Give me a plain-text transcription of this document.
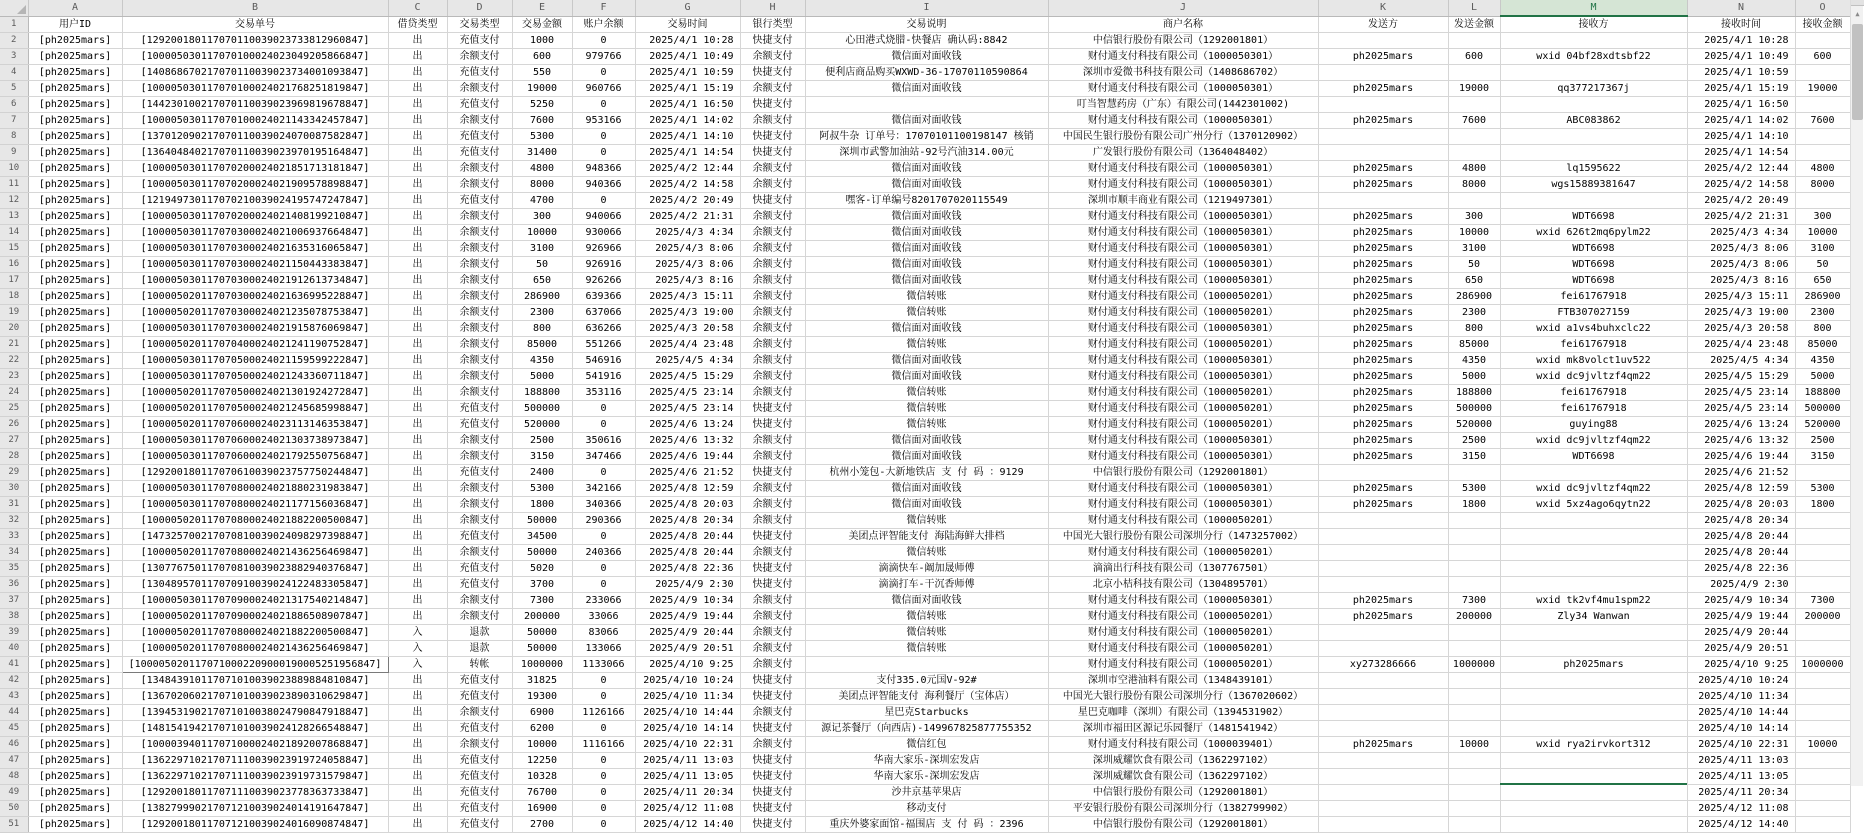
	A	B	C	D	E	F	G	H	I	J	K	L	M	N	O
1	用户ID	交易单号	借贷类型	交易类型	交易金额	账户余额	交易时间	银行类型	交易说明	商户名称	发送方	发送金额	接收方	接收时间	接收金额
2	[ph2025mars]	[129200180117070110039023733812960847]	出	充值支付	1000	0	2025/4/1 10:28	快捷支付	心田港式烧腊-快餐店 确认码:8842	中信银行股份有限公司（1292001801）				2025/4/1 10:28	
3	[ph2025mars]	[100005030117070100024023049205866847]	出	余额支付	600	979766	2025/4/1 10:49	余额支付	微信面对面收钱	财付通支付科技有限公司（1000050301）	ph2025mars	600	wxid 04bf28xdtsbf22	2025/4/1 10:49	600
4	[ph2025mars]	[140868670217070110039023734001093847]	出	充值支付	550	0	2025/4/1 10:59	快捷支付	便利店商品购买WXWD-36-17070110590864	深圳市爱微书科技有限公司（1408686702）				2025/4/1 10:59	
5	[ph2025mars]	[100005030117070100024021768251819847]	出	余额支付	19000	960766	2025/4/1 15:19	余额支付	微信面对面收钱	财付通支付科技有限公司（1000050301）	ph2025mars	19000	qq377217367j	2025/4/1 15:19	19000
6	[ph2025mars]	[144230100217070110039023969819678847]	出	充值支付	5250	0	2025/4/1 16:50	快捷支付		叮当智慧药房（广东）有限公司(1442301002)				2025/4/1 16:50	
7	[ph2025mars]	[100005030117070100024021143342457847]	出	余额支付	7600	953166	2025/4/1 14:02	余额支付	微信面对面收钱	财付通支付科技有限公司（1000050301）	ph2025mars	7600	ABC083862	2025/4/1 14:02	7600
8	[ph2025mars]	[137012090217070110039024070087582847]	出	充值支付	5300	0	2025/4/1 14:10	快捷支付	阿叔牛杂 订单号：17070101100198147 核销	中国民生银行股份有限公司广州分行（1370120902）				2025/4/1 14:10	
9	[ph2025mars]	[136404840217070110039023970195164847]	出	充值支付	31400	0	2025/4/1 14:54	快捷支付	深圳市武警加油站-92号汽油314.00元	广发银行股份有限公司（1364048402）				2025/4/1 14:54	
10	[ph2025mars]	[100005030117070200024021851713181847]	出	余额支付	4800	948366	2025/4/2 12:44	余额支付	微信面对面收钱	财付通支付科技有限公司（1000050301）	ph2025mars	4800	lq1595622	2025/4/2 12:44	4800
11	[ph2025mars]	[100005030117070200024021909578898847]	出	余额支付	8000	940366	2025/4/2 14:58	余额支付	微信面对面收钱	财付通支付科技有限公司（1000050301）	ph2025mars	8000	wgs15889381647	2025/4/2 14:58	8000
12	[ph2025mars]	[121949730117070210039024195747247847]	出	充值支付	4700	0	2025/4/2 20:49	快捷支付	嘿客-订单编号8201707020115549	深圳市顺丰商业有限公司（1219497301）				2025/4/2 20:49	
13	[ph2025mars]	[100005030117070200024021408199210847]	出	余额支付	300	940066	2025/4/2 21:31	余额支付	微信面对面收钱	财付通支付科技有限公司（1000050301）	ph2025mars	300	WDT6698	2025/4/2 21:31	300
14	[ph2025mars]	[100005030117070300024021006937664847]	出	余额支付	10000	930066	2025/4/3 4:34	余额支付	微信面对面收钱	财付通支付科技有限公司（1000050301）	ph2025mars	10000	wxid 626t2mq6pylm22	2025/4/3 4:34	10000
15	[ph2025mars]	[100005030117070300024021635316065847]	出	余额支付	3100	926966	2025/4/3 8:06	余额支付	微信面对面收钱	财付通支付科技有限公司（1000050301）	ph2025mars	3100	WDT6698	2025/4/3 8:06	3100
16	[ph2025mars]	[100005030117070300024021150443383847]	出	余额支付	50	926916	2025/4/3 8:06	余额支付	微信面对面收钱	财付通支付科技有限公司（1000050301）	ph2025mars	50	WDT6698	2025/4/3 8:06	50
17	[ph2025mars]	[100005030117070300024021912613734847]	出	余额支付	650	926266	2025/4/3 8:16	余额支付	微信面对面收钱	财付通支付科技有限公司（1000050301）	ph2025mars	650	WDT6698	2025/4/3 8:16	650
18	[ph2025mars]	[100005020117070300024021636995228847]	出	余额支付	286900	639366	2025/4/3 15:11	余额支付	微信转账	财付通支付科技有限公司（1000050201）	ph2025mars	286900	fei61767918	2025/4/3 15:11	286900
19	[ph2025mars]	[100005020117070300024021235078753847]	出	余额支付	2300	637066	2025/4/3 19:00	余额支付	微信转账	财付通支付科技有限公司（1000050201）	ph2025mars	2300	FTB307027159	2025/4/3 19:00	2300
20	[ph2025mars]	[100005030117070300024021915876069847]	出	余额支付	800	636266	2025/4/3 20:58	余额支付	微信面对面收钱	财付通支付科技有限公司（1000050301）	ph2025mars	800	wxid a1vs4buhxclc22	2025/4/3 20:58	800
21	[ph2025mars]	[100005020117070400024021241190752847]	出	余额支付	85000	551266	2025/4/4 23:48	余额支付	微信转账	财付通支付科技有限公司（1000050201）	ph2025mars	85000	fei61767918	2025/4/4 23:48	85000
22	[ph2025mars]	[100005030117070500024021159599222847]	出	余额支付	4350	546916	2025/4/5 4:34	余额支付	微信面对面收钱	财付通支付科技有限公司（1000050301）	ph2025mars	4350	wxid mk8volct1uv522	2025/4/5 4:34	4350
23	[ph2025mars]	[100005030117070500024021243360711847]	出	余额支付	5000	541916	2025/4/5 15:29	余额支付	微信面对面收钱	财付通支付科技有限公司（1000050301）	ph2025mars	5000	wxid dc9jvltzf4qm22	2025/4/5 15:29	5000
24	[ph2025mars]	[100005020117070500024021301924272847]	出	余额支付	188800	353116	2025/4/5 23:14	余额支付	微信转账	财付通支付科技有限公司（1000050201）	ph2025mars	188800	fei61767918	2025/4/5 23:14	188800
25	[ph2025mars]	[100005020117070500024021245685998847]	出	充值支付	500000	0	2025/4/5 23:14	快捷支付	微信转账	财付通支付科技有限公司（1000050201）	ph2025mars	500000	fei61767918	2025/4/5 23:14	500000
26	[ph2025mars]	[100005020117070600024023113146353847]	出	充值支付	520000	0	2025/4/6 13:24	快捷支付	微信转账	财付通支付科技有限公司（1000050201）	ph2025mars	520000	guying88	2025/4/6 13:24	520000
27	[ph2025mars]	[100005030117070600024021303738973847]	出	余额支付	2500	350616	2025/4/6 13:32	余额支付	微信面对面收钱	财付通支付科技有限公司（1000050301）	ph2025mars	2500	wxid dc9jvltzf4qm22	2025/4/6 13:32	2500
28	[ph2025mars]	[100005030117070600024021792550756847]	出	余额支付	3150	347466	2025/4/6 19:44	余额支付	微信面对面收钱	财付通支付科技有限公司（1000050301）	ph2025mars	3150	WDT6698	2025/4/6 19:44	3150
29	[ph2025mars]	[129200180117070610039023757750244847]	出	充值支付	2400	0	2025/4/6 21:52	快捷支付	杭州小笼包-大新地铁店 支 付 码 ：9129	中信银行股份有限公司（1292001801）				2025/4/6 21:52	
30	[ph2025mars]	[100005030117070800024021880231983847]	出	余额支付	5300	342166	2025/4/8 12:59	余额支付	微信面对面收钱	财付通支付科技有限公司（1000050301）	ph2025mars	5300	wxid dc9jvltzf4qm22	2025/4/8 12:59	5300
31	[ph2025mars]	[100005030117070800024021177156036847]	出	余额支付	1800	340366	2025/4/8 20:03	余额支付	微信面对面收钱	财付通支付科技有限公司（1000050301）	ph2025mars	1800	wxid 5xz4ago6qytn22	2025/4/8 20:03	1800
32	[ph2025mars]	[100005020117070800024021882200500847]	出	余额支付	50000	290366	2025/4/8 20:34	余额支付	微信转账	财付通支付科技有限公司（1000050201）				2025/4/8 20:34	
33	[ph2025mars]	[147325700217070810039024098297398847]	出	充值支付	34500	0	2025/4/8 20:44	快捷支付	美团点评智能支付 海陆海鲜大排档	中国光大银行股份有限公司深圳分行（1473257002）				2025/4/8 20:44	
34	[ph2025mars]	[100005020117070800024021436256469847]	出	余额支付	50000	240366	2025/4/8 20:44	余额支付	微信转账	财付通支付科技有限公司（1000050201）				2025/4/8 20:44	
35	[ph2025mars]	[130776750117070810039023882940376847]	出	充值支付	5020	0	2025/4/8 22:36	快捷支付	滴滴快车-阚加晟师傅	滴滴出行科技有限公司（1307767501）				2025/4/8 22:36	
36	[ph2025mars]	[130489570117070910039024122483305847]	出	充值支付	3700	0	2025/4/9 2:30	快捷支付	滴滴打车-干沉香师傅	北京小桔科技有限公司（1304895701）				2025/4/9 2:30	
37	[ph2025mars]	[100005030117070900024021317540214847]	出	余额支付	7300	233066	2025/4/9 10:34	余额支付	微信面对面收钱	财付通支付科技有限公司（1000050301）	ph2025mars	7300	wxid tk2vf4mu1spm22	2025/4/9 10:34	7300
38	[ph2025mars]	[100005020117070900024021886508907847]	出	余额支付	200000	33066	2025/4/9 19:44	余额支付	微信转账	财付通支付科技有限公司（1000050201）	ph2025mars	200000	Zly34 Wanwan	2025/4/9 19:44	200000
39	[ph2025mars]	[100005020117070800024021882200500847]	入	退款	50000	83066	2025/4/9 20:44	余额支付	微信转账	财付通支付科技有限公司（1000050201）				2025/4/9 20:44	
40	[ph2025mars]	[100005020117070800024021436256469847]	入	退款	50000	133066	2025/4/9 20:51	余额支付	微信转账	财付通支付科技有限公司（1000050201）				2025/4/9 20:51	
41	[ph2025mars]	[1000050201170710002209000190005251956847]	入	转帐	1000000	1133066	2025/4/10 9:25	余额支付		财付通支付科技有限公司（1000050201）	xy273286666	1000000	ph2025mars	2025/4/10 9:25	1000000
42	[ph2025mars]	[134843910117071010039023889884810847]	出	充值支付	31825	0	2025/4/10 10:24	快捷支付	支付335.0元国V-92#	深圳市空港油料有限公司（1348439101）				2025/4/10 10:24	
43	[ph2025mars]	[136702060217071010039023890310629847]	出	充值支付	19300	0	2025/4/10 11:34	快捷支付	美团点评智能支付 海利餐厅（宝体店）	中国光大银行股份有限公司深圳分行（1367020602）				2025/4/10 11:34	
44	[ph2025mars]	[139453190217071010038024790847918847]	出	余额支付	6900	1126166	2025/4/10 14:44	余额支付	星巴克Starbucks	星巴克咖啡（深圳）有限公司（1394531902）				2025/4/10 14:44	
45	[ph2025mars]	[148154194217071010039024128266548847]	出	充值支付	6200	0	2025/4/10 14:14	快捷支付	源记茶餐厅（向西店)-149967825877755352	深圳市福田区源记乐园餐厅（1481541942）				2025/4/10 14:14	
46	[ph2025mars]	[100003940117071000024021892007868847]	出	余额支付	10000	1116166	2025/4/10 22:31	余额支付	微信红包	财付通支付科技有限公司（1000039401）	ph2025mars	10000	wxid rya2irvkort312	2025/4/10 22:31	10000
47	[ph2025mars]	[136229710217071110039023919724058847]	出	充值支付	12250	0	2025/4/11 13:03	快捷支付	华南大家乐-深圳宏发店	深圳威耀饮食有限公司（1362297102）				2025/4/11 13:03	
48	[ph2025mars]	[136229710217071110039023919731579847]	出	充值支付	10328	0	2025/4/11 13:05	快捷支付	华南大家乐-深圳宏发店	深圳威耀饮食有限公司（1362297102）				2025/4/11 13:05	
49	[ph2025mars]	[129200180117071110039023778363733847]	出	充值支付	76700	0	2025/4/11 20:34	快捷支付	沙井京基苹果店	中信银行股份有限公司（1292001801）				2025/4/11 20:34	
50	[ph2025mars]	[138279990217071210039024014191647847]	出	充值支付	16900	0	2025/4/12 11:08	快捷支付	移动支付	平安银行股份有限公司深圳分行（1382799902）				2025/4/12 11:08	
51	[ph2025mars]	[129200180117071210039024016090874847]	出	充值支付	2700	0	2025/4/12 14:40	快捷支付	重庆外婆家面馆-福围店 支 付 码 ：2396	中信银行股份有限公司（1292001801）				2025/4/12 14:40	
▲
